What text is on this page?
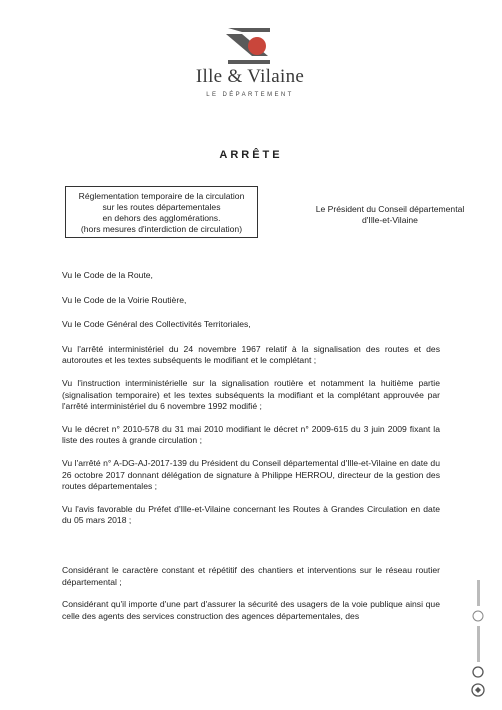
Ille & Vilaine
LE DÉPARTEMENT
ARRÊTE
Réglementation temporaire de la circulation
sur les routes départementales
en dehors des agglomérations.
(hors mesures d'interdiction de circulation)
Le Président du Conseil départemental
d'Ille-et-Vilaine

Vu le Code de la Route,

Vu le Code de la Voirie Routière,

Vu le Code Général des Collectivités Territoriales,

Vu l'arrêté interministériel du 24 novembre 1967 relatif à la signalisation des routes et des autoroutes et les textes subséquents le modifiant et le complétant ;

Vu l'instruction interministérielle sur la signalisation routière et notamment la huitième partie (signalisation temporaire) et les textes subséquents la modifiant et la complétant approuvée par l'arrêté interministériel du 6 novembre 1992 modifié ;

Vu le décret n° 2010-578 du 31 mai 2010 modifiant le décret n° 2009-615 du 3 juin 2009 fixant la liste des routes à grande circulation ;

Vu l'arrêté n° A-DG-AJ-2017-139 du Président du Conseil départemental d'Ille-et-Vilaine en date du 26 octobre 2017 donnant délégation de signature à Philippe HERROU, directeur de la gestion des routes départementales ;

Vu l'avis favorable du Préfet d'Ille-et-Vilaine concernant les Routes à Grandes Circulation en date du 05 mars 2018 ;

Considérant le caractère constant et répétitif des chantiers et interventions sur le réseau routier départemental ;

Considérant qu'il importe d'une part d'assurer la sécurité des usagers de la voie publique ainsi que celle des agents des services construction des agences départementales, des
